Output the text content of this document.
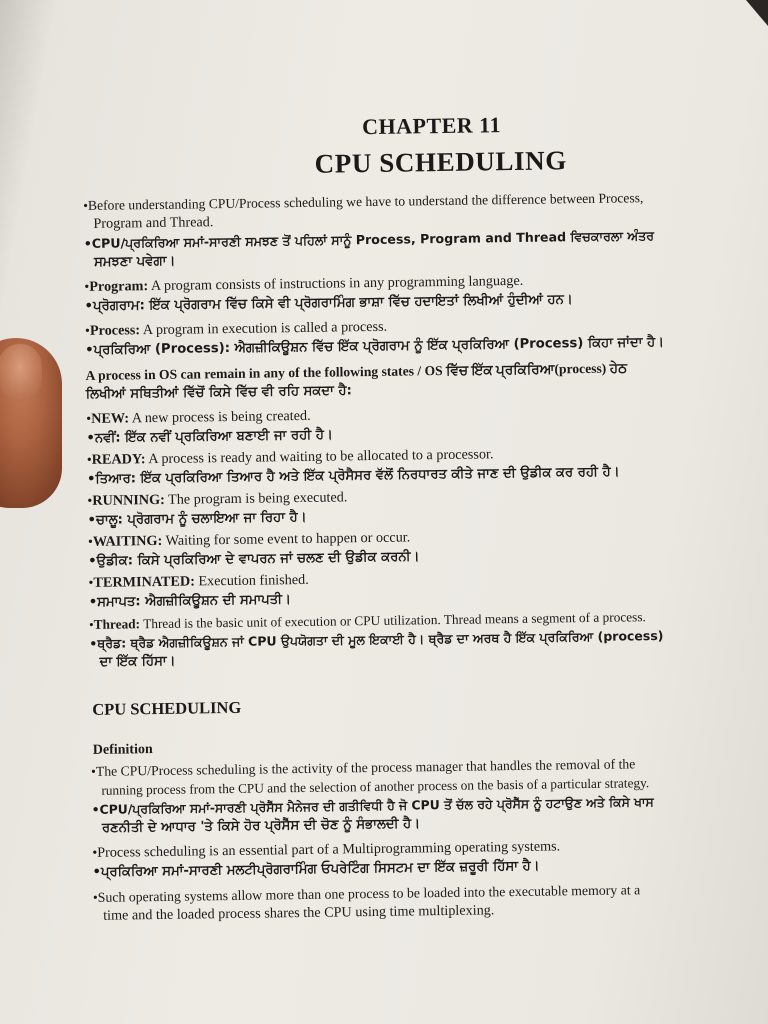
CHAPTER 11
CPU SCHEDULING
• Before understanding CPU/Process scheduling we have to understand the difference between Process,
Program and Thread.
• CPU/ਪ੍ਰਕਿਰਿਆ ਸਮਾਂ-ਸਾਰਣੀ ਸਮਝਣ ਤੋਂ ਪਹਿਲਾਂ ਸਾਨੂੰ Process, Program and Thread ਵਿਚਕਾਰਲਾ ਅੰਤਰ
ਸਮਝਣਾ ਪਵੇਗਾ।
• Program: A program consists of instructions in any programming language.
• ਪ੍ਰੋਗਰਾਮ: ਇੱਕ ਪ੍ਰੋਗਰਾਮ ਵਿੱਚ ਕਿਸੇ ਵੀ ਪ੍ਰੋਗਰਾਮਿੰਗ ਭਾਸ਼ਾ ਵਿੱਚ ਹਦਾਇਤਾਂ ਲਿਖੀਆਂ ਹੁੰਦੀਆਂ ਹਨ।
• Process: A program in execution is called a process.
• ਪ੍ਰਕਿਰਿਆ (Process): ਐਗਜ਼ੀਕਿਊਸ਼ਨ ਵਿੱਚ ਇੱਕ ਪ੍ਰੋਗਰਾਮ ਨੂੰ ਇੱਕ ਪ੍ਰਕਿਰਿਆ (Process) ਕਿਹਾ ਜਾਂਦਾ ਹੈ।
A process in OS can remain in any of the following states / OS ਵਿੱਚ ਇੱਕ ਪ੍ਰਕਿਰਿਆ(process) ਹੇਠ
ਲਿਖੀਆਂ ਸਥਿਤੀਆਂ ਵਿੱਚੋਂ ਕਿਸੇ ਵਿੱਚ ਵੀ ਰਹਿ ਸਕਦਾ ਹੈ:
• NEW: A new process is being created.
• ਨਵੀਂ: ਇੱਕ ਨਵੀਂ ਪ੍ਰਕਿਰਿਆ ਬਣਾਈ ਜਾ ਰਹੀ ਹੈ।
• READY: A process is ready and waiting to be allocated to a processor.
• ਤਿਆਰ: ਇੱਕ ਪ੍ਰਕਿਰਿਆ ਤਿਆਰ ਹੈ ਅਤੇ ਇੱਕ ਪ੍ਰੋਸੈਸਰ ਵੱਲੋਂ ਨਿਰਧਾਰਤ ਕੀਤੇ ਜਾਣ ਦੀ ਉਡੀਕ ਕਰ ਰਹੀ ਹੈ।
• RUNNING: The program is being executed.
• ਚਾਲੂ: ਪ੍ਰੋਗਰਾਮ ਨੂੰ ਚਲਾਇਆ ਜਾ ਰਿਹਾ ਹੈ।
• WAITING: Waiting for some event to happen or occur.
• ਉਡੀਕ: ਕਿਸੇ ਪ੍ਰਕਿਰਿਆ ਦੇ ਵਾਪਰਨ ਜਾਂ ਚਲਣ ਦੀ ਉਡੀਕ ਕਰਨੀ।
• TERMINATED: Execution finished.
• ਸਮਾਪਤ: ਐਗਜ਼ੀਕਿਊਸ਼ਨ ਦੀ ਸਮਾਪਤੀ।
• Thread: Thread is the basic unit of execution or CPU utilization. Thread means a segment of a process.
• ਥ੍ਰੈਡ: ਥ੍ਰੈਡ ਐਗਜ਼ੀਕਿਊਸ਼ਨ ਜਾਂ CPU ਉਪਯੋਗਤਾ ਦੀ ਮੂਲ ਇਕਾਈ ਹੈ। ਥ੍ਰੈਡ ਦਾ ਅਰਥ ਹੈ ਇੱਕ ਪ੍ਰਕਿਰਿਆ (process)
ਦਾ ਇੱਕ ਹਿੱਸਾ।
CPU SCHEDULING
Definition
• The CPU/Process scheduling is the activity of the process manager that handles the removal of the
running process from the CPU and the selection of another process on the basis of a particular strategy.
• CPU/ਪ੍ਰਕਿਰਿਆ ਸਮਾਂ-ਸਾਰਣੀ ਪ੍ਰੋਸੈੱਸ ਮੈਨੇਜਰ ਦੀ ਗਤੀਵਿਧੀ ਹੈ ਜੋ CPU ਤੋਂ ਚੱਲ ਰਹੇ ਪ੍ਰੋਸੈੱਸ ਨੂੰ ਹਟਾਉਣ ਅਤੇ ਕਿਸੇ ਖਾਸ
ਰਣਨੀਤੀ ਦੇ ਆਧਾਰ 'ਤੇ ਕਿਸੇ ਹੋਰ ਪ੍ਰੋਸੈੱਸ ਦੀ ਚੋਣ ਨੂੰ ਸੰਭਾਲਦੀ ਹੈ।
• Process scheduling is an essential part of a Multiprogramming operating systems.
• ਪ੍ਰਕਿਰਿਆ ਸਮਾਂ-ਸਾਰਣੀ ਮਲਟੀਪ੍ਰੋਗਰਾਮਿੰਗ ਓਪਰੇਟਿੰਗ ਸਿਸਟਮ ਦਾ ਇੱਕ ਜ਼ਰੂਰੀ ਹਿੱਸਾ ਹੈ।
• Such operating systems allow more than one process to be loaded into the executable memory at a
time and the loaded process shares the CPU using time multiplexing.
